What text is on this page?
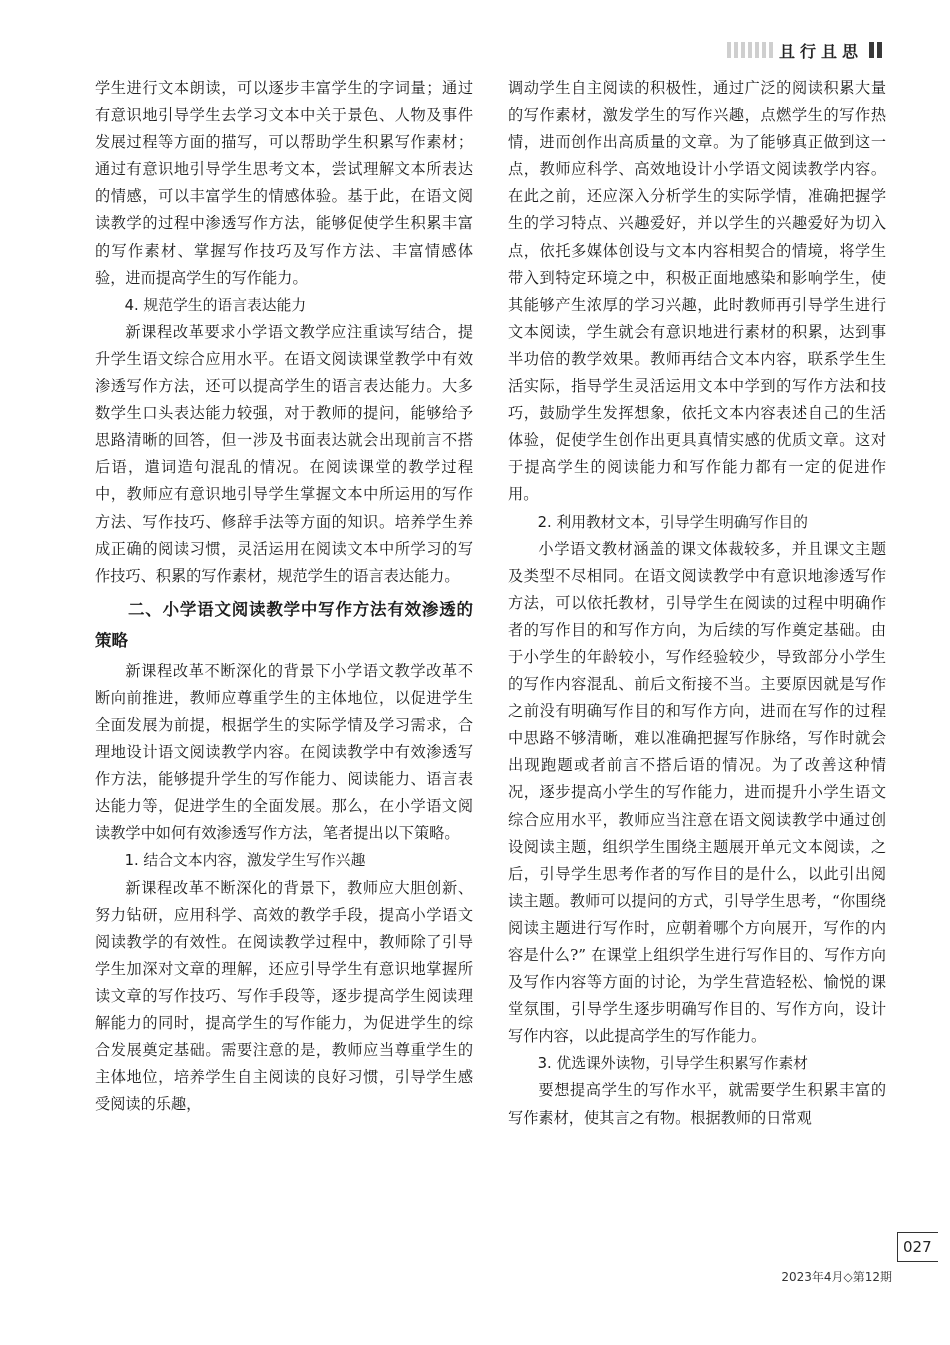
且行且思

学生进行文本朗读，可以逐步丰富学生的字词量；通过有意识地引导学生去学习文本中关于景色、人物及事件发展过程等方面的描写，可以帮助学生积累写作素材；通过有意识地引导学生思考文本，尝试理解文本所表达的情感，可以丰富学生的情感体验。基于此，在语文阅读教学的过程中渗透写作方法，能够促使学生积累丰富的写作素材、掌握写作技巧及写作方法、丰富情感体验，进而提高学生的写作能力。

4. 规范学生的语言表达能力

新课程改革要求小学语文教学应注重读写结合，提升学生语文综合应用水平。在语文阅读课堂教学中有效渗透写作方法，还可以提高学生的语言表达能力。大多数学生口头表达能力较强，对于教师的提问，能够给予思路清晰的回答，但一涉及书面表达就会出现前言不搭后语，遣词造句混乱的情况。在阅读课堂的教学过程中，教师应有意识地引导学生掌握文本中所运用的写作方法、写作技巧、修辞手法等方面的知识。培养学生养成正确的阅读习惯，灵活运用在阅读文本中所学习的写作技巧、积累的写作素材，规范学生的语言表达能力。

二、小学语文阅读教学中写作方法有效渗透的策略

新课程改革不断深化的背景下小学语文教学改革不断向前推进，教师应尊重学生的主体地位，以促进学生全面发展为前提，根据学生的实际学情及学习需求，合理地设计语文阅读教学内容。在阅读教学中有效渗透写作方法，能够提升学生的写作能力、阅读能力、语言表达能力等，促进学生的全面发展。那么，在小学语文阅读教学中如何有效渗透写作方法，笔者提出以下策略。

1. 结合文本内容，激发学生写作兴趣

新课程改革不断深化的背景下，教师应大胆创新、努力钻研，应用科学、高效的教学手段，提高小学语文阅读教学的有效性。在阅读教学过程中，教师除了引导学生加深对文章的理解，还应引导学生有意识地掌握所读文章的写作技巧、写作手段等，逐步提高学生阅读理解能力的同时，提高学生的写作能力，为促进学生的综合发展奠定基础。需要注意的是，教师应当尊重学生的主体地位，培养学生自主阅读的良好习惯，引导学生感受阅读的乐趣，

调动学生自主阅读的积极性，通过广泛的阅读积累大量的写作素材，激发学生的写作兴趣，点燃学生的写作热情，进而创作出高质量的文章。为了能够真正做到这一点，教师应科学、高效地设计小学语文阅读教学内容。在此之前，还应深入分析学生的实际学情，准确把握学生的学习特点、兴趣爱好，并以学生的兴趣爱好为切入点，依托多媒体创设与文本内容相契合的情境，将学生带入到特定环境之中，积极正面地感染和影响学生，使其能够产生浓厚的学习兴趣，此时教师再引导学生进行文本阅读，学生就会有意识地进行素材的积累，达到事半功倍的教学效果。教师再结合文本内容，联系学生生活实际，指导学生灵活运用文本中学到的写作方法和技巧，鼓励学生发挥想象，依托文本内容表述自己的生活体验，促使学生创作出更具真情实感的优质文章。这对于提高学生的阅读能力和写作能力都有一定的促进作用。

2. 利用教材文本，引导学生明确写作目的

小学语文教材涵盖的课文体裁较多，并且课文主题及类型不尽相同。在语文阅读教学中有意识地渗透写作方法，可以依托教材，引导学生在阅读的过程中明确作者的写作目的和写作方向，为后续的写作奠定基础。由于小学生的年龄较小，写作经验较少，导致部分小学生的写作内容混乱、前后文衔接不当。主要原因就是写作之前没有明确写作目的和写作方向，进而在写作的过程中思路不够清晰，难以准确把握写作脉络，写作时就会出现跑题或者前言不搭后语的情况。为了改善这种情况，逐步提高小学生的写作能力，进而提升小学生语文综合应用水平，教师应当注意在语文阅读教学中通过创设阅读主题，组织学生围绕主题展开单元文本阅读，之后，引导学生思考作者的写作目的是什么，以此引出阅读主题。教师可以提问的方式，引导学生思考，“你围绕阅读主题进行写作时，应朝着哪个方向展开，写作的内容是什么?” 在课堂上组织学生进行写作目的、写作方向及写作内容等方面的讨论，为学生营造轻松、愉悦的课堂氛围，引导学生逐步明确写作目的、写作方向，设计写作内容，以此提高学生的写作能力。

3. 优选课外读物，引导学生积累写作素材

要想提高学生的写作水平，就需要学生积累丰富的写作素材，使其言之有物。根据教师的日常观

027
2023年4月◇第12期
